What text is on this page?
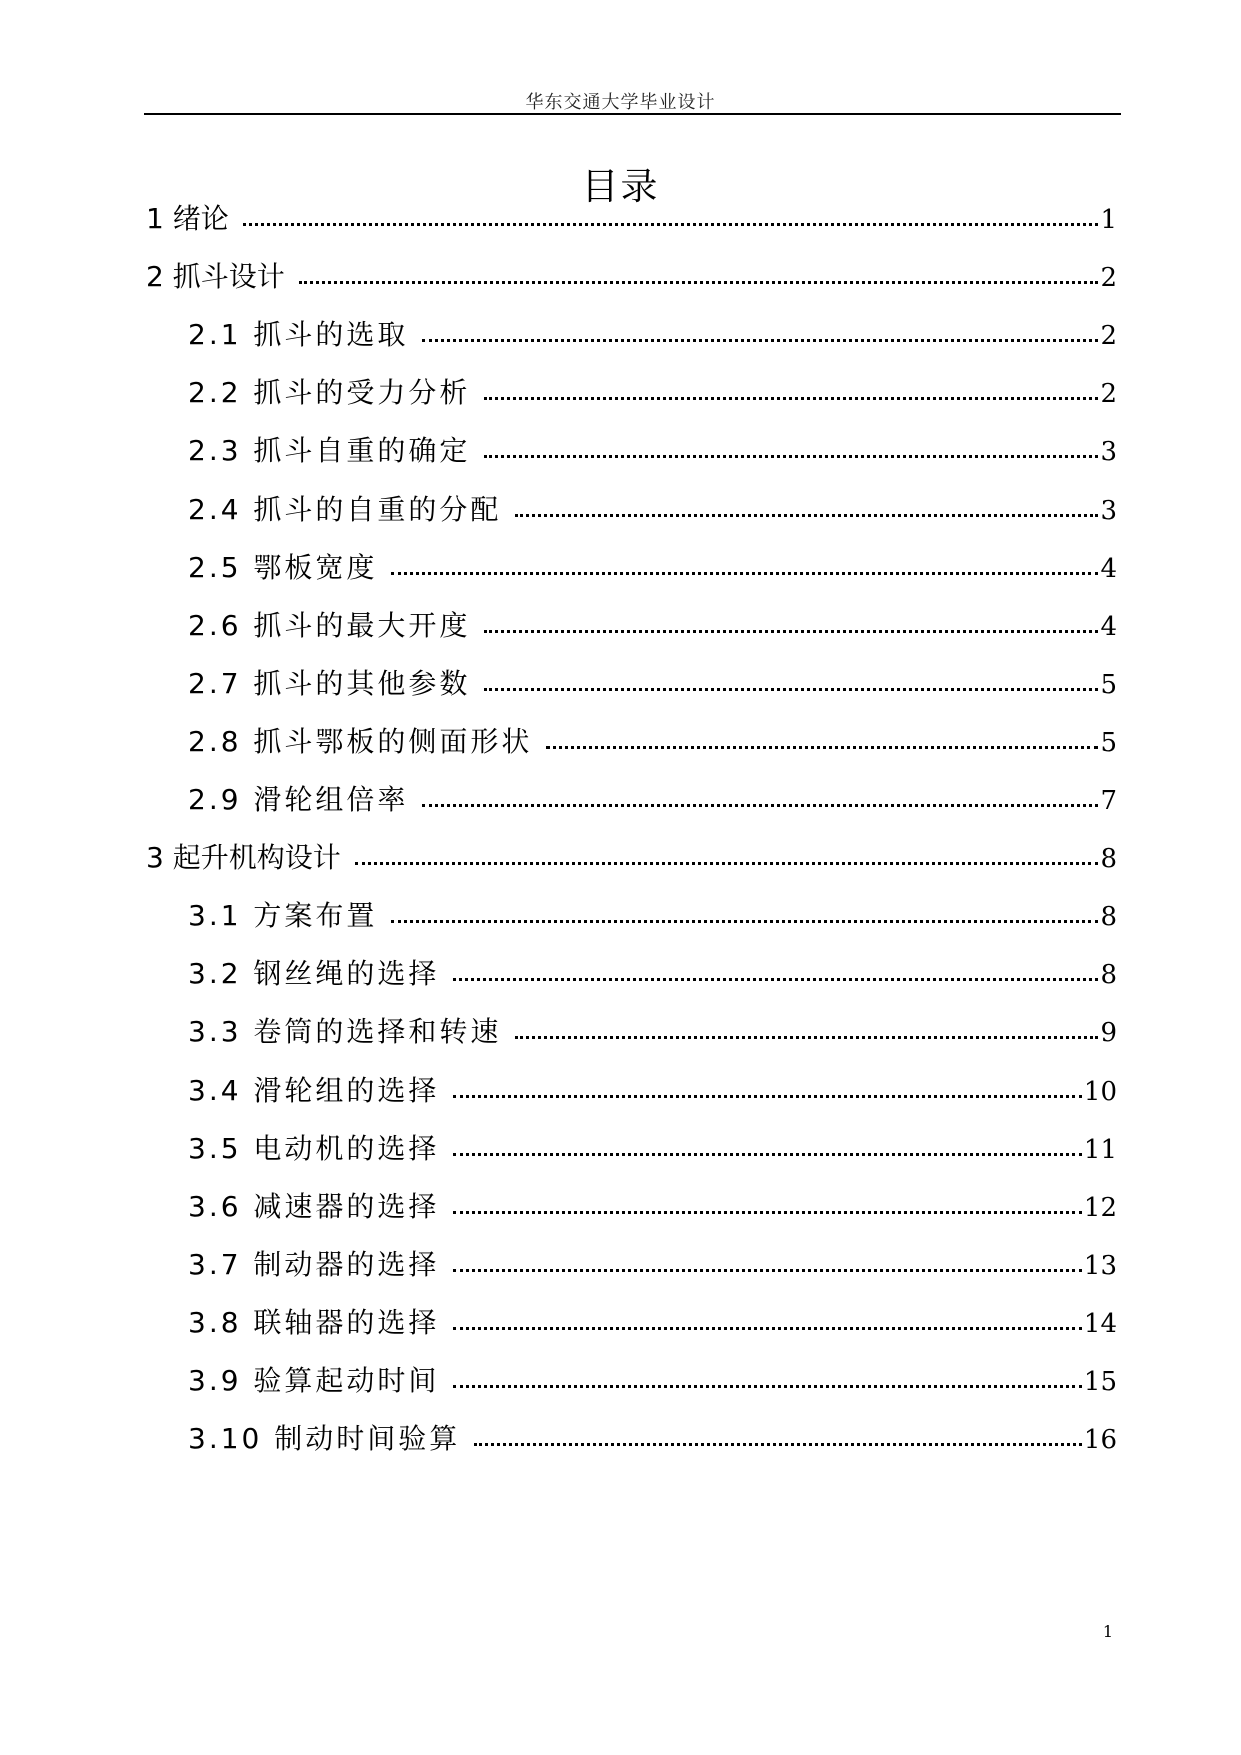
华东交通大学毕业设计
目录
1 绪论	1
2 抓斗设计	2
2.1 抓斗的选取	2
2.2 抓斗的受力分析	2
2.3 抓斗自重的确定	3
2.4 抓斗的自重的分配	3
2.5 鄂板宽度	4
2.6 抓斗的最大开度	4
2.7 抓斗的其他参数	5
2.8 抓斗鄂板的侧面形状	5
2.9 滑轮组倍率	7
3 起升机构设计	8
3.1 方案布置	8
3.2 钢丝绳的选择	8
3.3 卷筒的选择和转速	9
3.4 滑轮组的选择	10
3.5 电动机的选择	11
3.6 减速器的选择	12
3.7 制动器的选择	13
3.8 联轴器的选择	14
3.9 验算起动时间	15
3.10 制动时间验算	16
1
